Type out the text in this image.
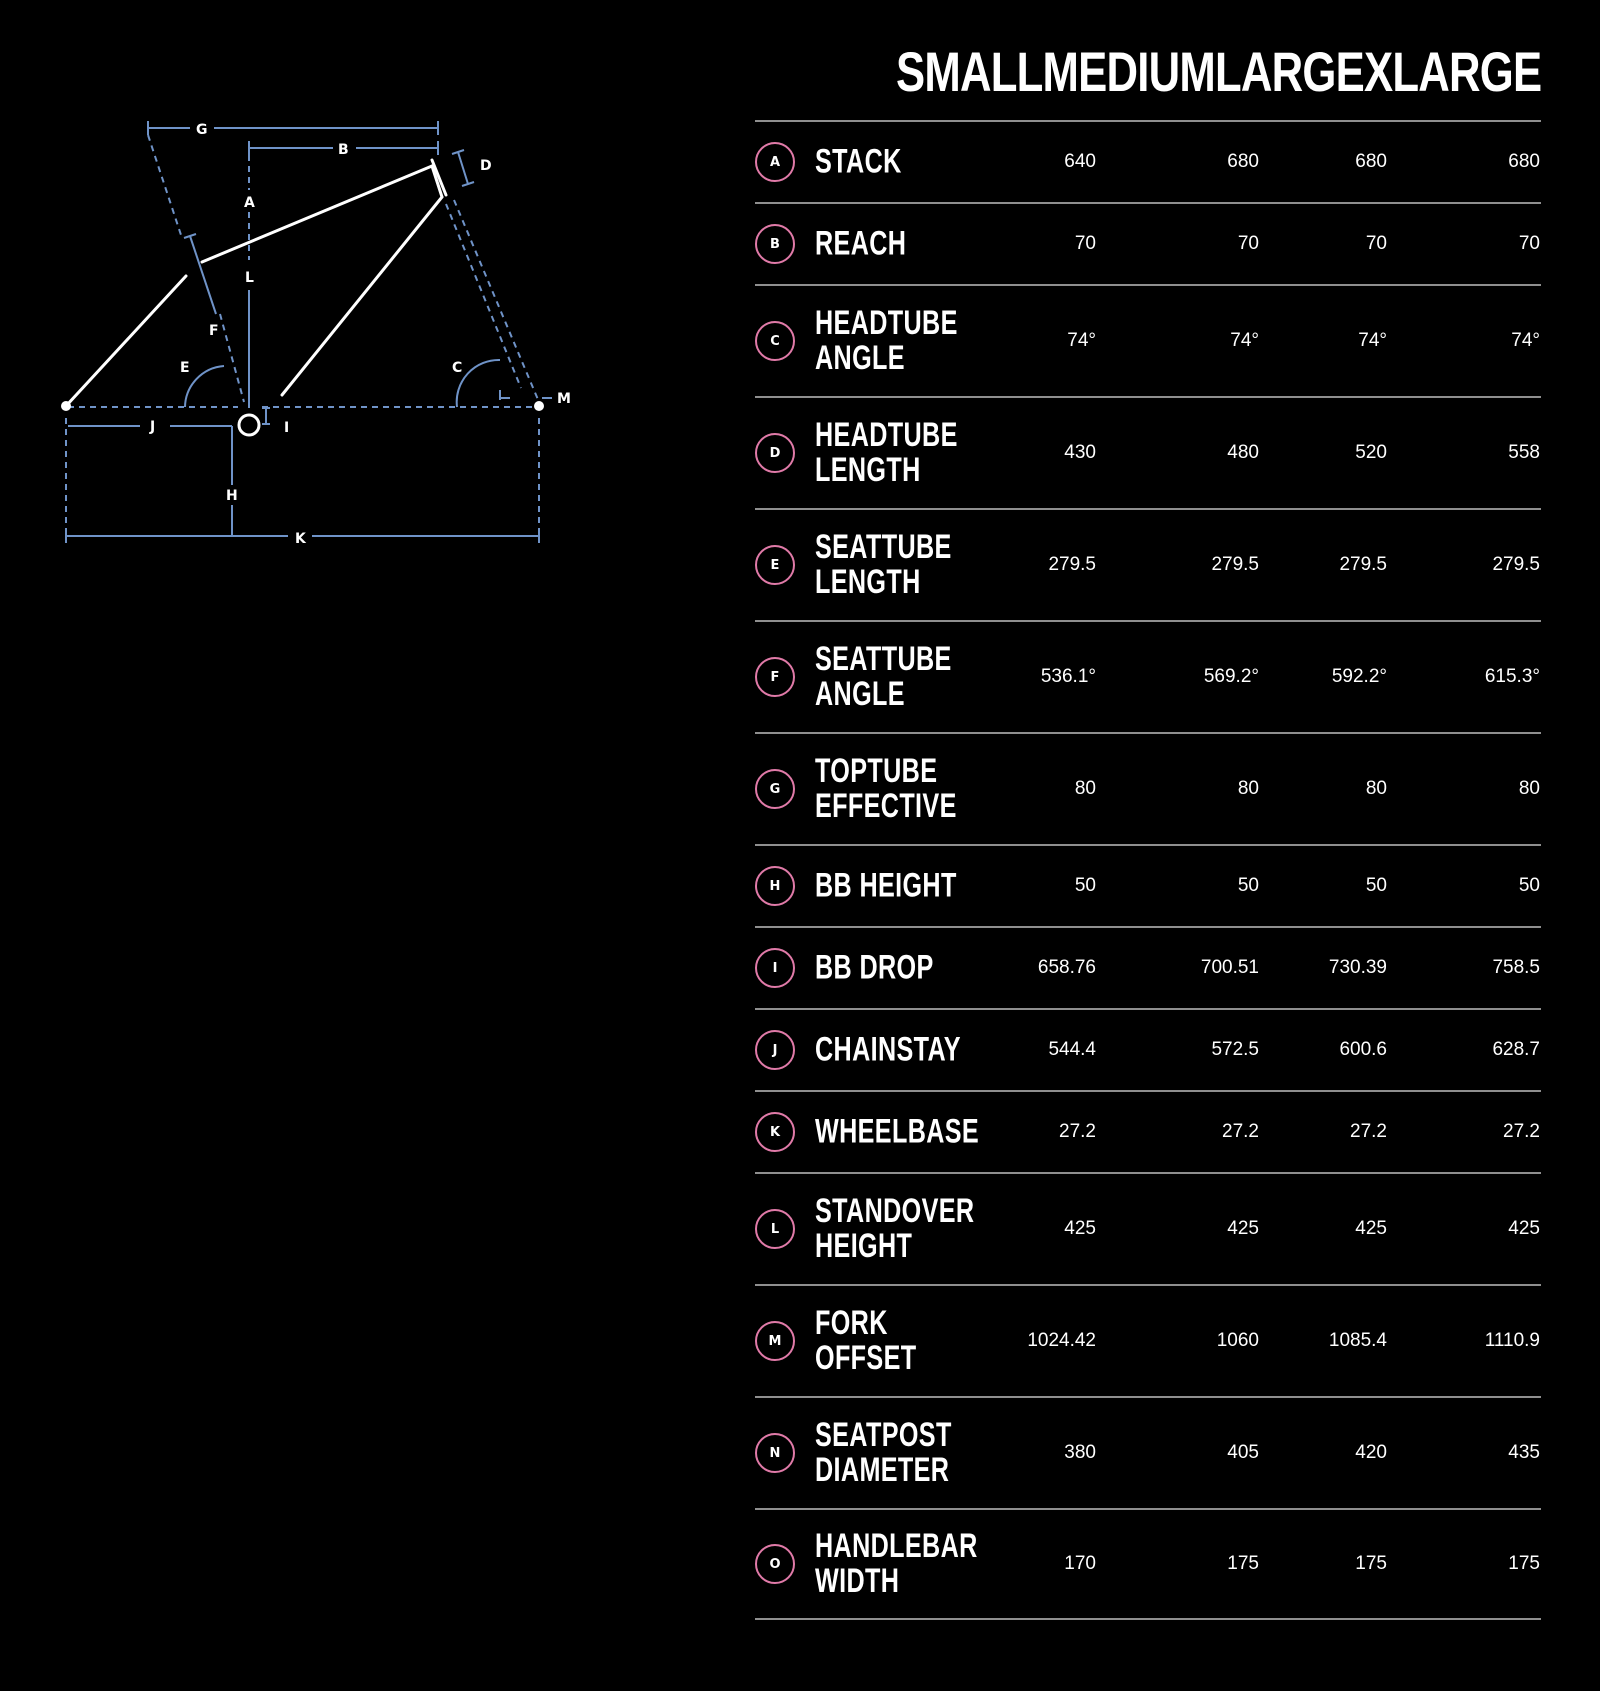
G
B
D
A
L
F
E	C
M
J	I
H
K
SMALL MEDIUM LARGE XLARGE
A	STACK	640	680	680	680
B	REACH	70	70	70	70
C	HEADTUBE
ANGLE	74°	74°	74°	74°
D	HEADTUBE
LENGTH	430	480	520	558
E	SEATTUBE
LENGTH	279.5	279.5	279.5	279.5
F	SEATTUBE
ANGLE	536.1°	569.2°	592.2°	615.3°
G	TOPTUBE
EFFECTIVE	80	80	80	80
H	BB HEIGHT	50	50	50	50
I	BB DROP	658.76	700.51	730.39	758.5
J	CHAINSTAY	544.4	572.5	600.6	628.7
K	WHEELBASE	27.2	27.2	27.2	27.2
L	STANDOVER
HEIGHT	425	425	425	425
M FORK
OFFSET	1024.42	1060	1085.4	1110.9
N	SEATPOST
DIAMETER	380	405	420	435
O	HANDLEBAR
WIDTH	170	175	175	175
